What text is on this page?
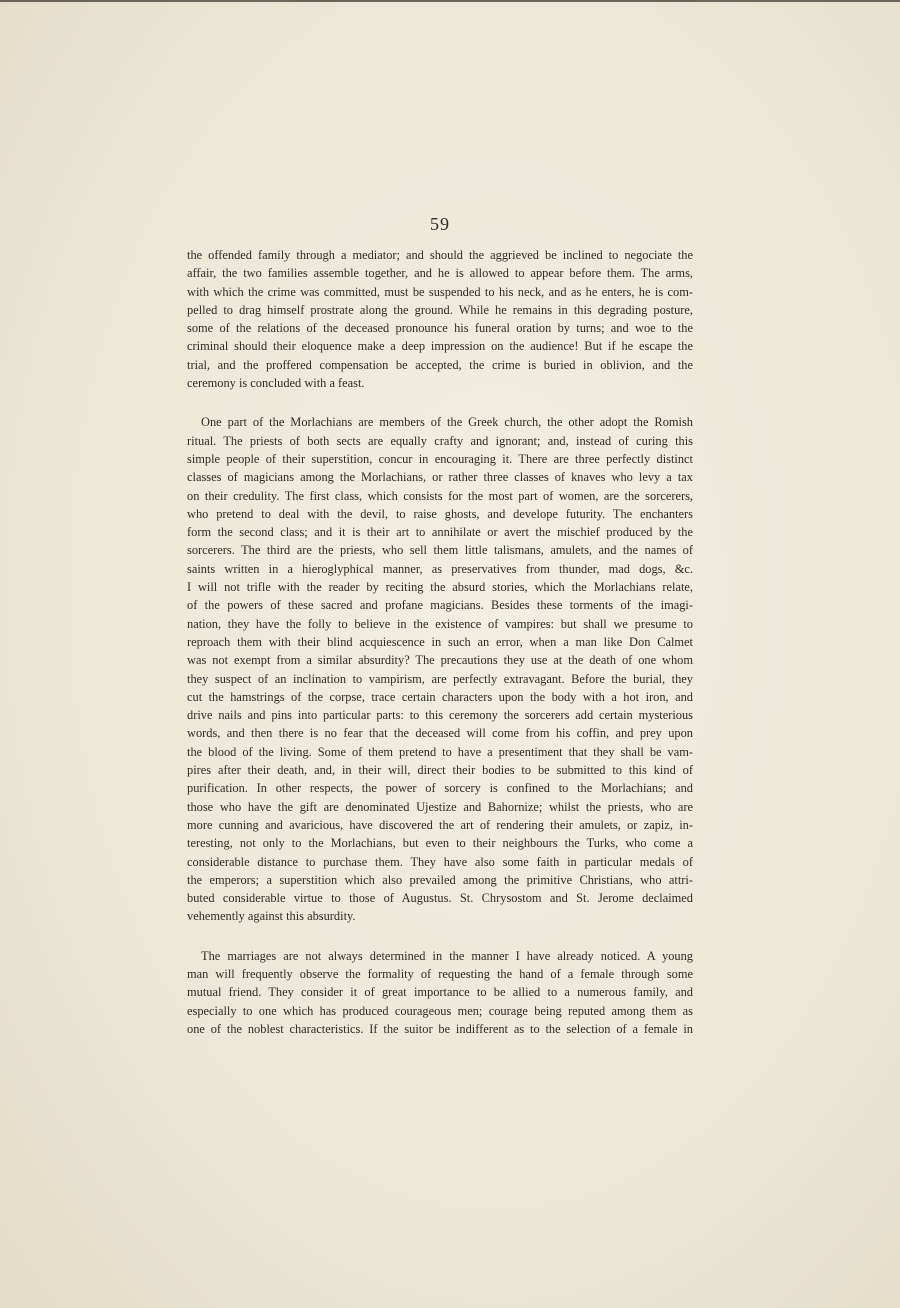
59
the offended family through a mediator; and should the aggrieved be inclined to negociate the
affair, the two families assemble together, and he is allowed to appear before them. The arms,
with which the crime was committed, must be suspended to his neck, and as he enters, he is com-
pelled to drag himself prostrate along the ground. While he remains in this degrading posture,
some of the relations of the deceased pronounce his funeral oration by turns; and woe to the
criminal should their eloquence make a deep impression on the audience! But if he escape the
trial, and the proffered compensation be accepted, the crime is buried in oblivion, and the
ceremony is concluded with a feast.
One part of the Morlachians are members of the Greek church, the other adopt the Romish
ritual. The priests of both sects are equally crafty and ignorant; and, instead of curing this
simple people of their superstition, concur in encouraging it. There are three perfectly distinct
classes of magicians among the Morlachians, or rather three classes of knaves who levy a tax
on their credulity. The first class, which consists for the most part of women, are the sorcerers,
who pretend to deal with the devil, to raise ghosts, and develope futurity. The enchanters
form the second class; and it is their art to annihilate or avert the mischief produced by the
sorcerers. The third are the priests, who sell them little talismans, amulets, and the names of
saints written in a hieroglyphical manner, as preservatives from thunder, mad dogs, &c.
I will not trifle with the reader by reciting the absurd stories, which the Morlachians relate,
of the powers of these sacred and profane magicians. Besides these torments of the imagi-
nation, they have the folly to believe in the existence of vampires: but shall we presume to
reproach them with their blind acquiescence in such an error, when a man like Don Calmet
was not exempt from a similar absurdity? The precautions they use at the death of one whom
they suspect of an inclination to vampirism, are perfectly extravagant. Before the burial, they
cut the hamstrings of the corpse, trace certain characters upon the body with a hot iron, and
drive nails and pins into particular parts: to this ceremony the sorcerers add certain mysterious
words, and then there is no fear that the deceased will come from his coffin, and prey upon
the blood of the living. Some of them pretend to have a presentiment that they shall be vam-
pires after their death, and, in their will, direct their bodies to be submitted to this kind of
purification. In other respects, the power of sorcery is confined to the Morlachians; and
those who have the gift are denominated Ujestize and Bahornize; whilst the priests, who are
more cunning and avaricious, have discovered the art of rendering their amulets, or zapiz, in-
teresting, not only to the Morlachians, but even to their neighbours the Turks, who come a
considerable distance to purchase them. They have also some faith in particular medals of
the emperors; a superstition which also prevailed among the primitive Christians, who attri-
buted considerable virtue to those of Augustus. St. Chrysostom and St. Jerome declaimed
vehemently against this absurdity.
The marriages are not always determined in the manner I have already noticed. A young
man will frequently observe the formality of requesting the hand of a female through some
mutual friend. They consider it of great importance to be allied to a numerous family, and
especially to one which has produced courageous men; courage being reputed among them as
one of the noblest characteristics. If the suitor be indifferent as to the selection of a female in
